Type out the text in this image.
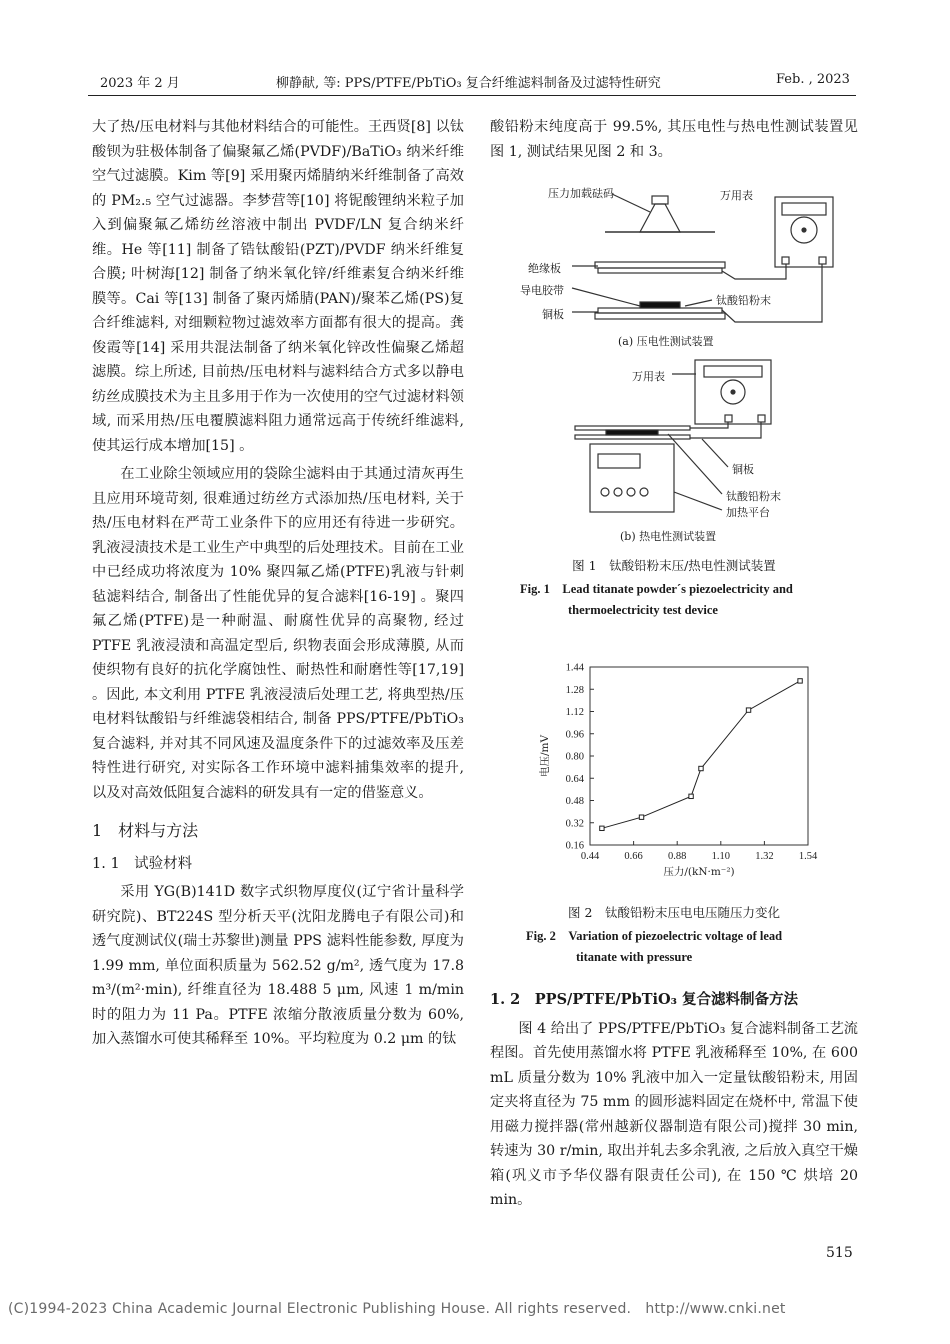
2023 年 2 月	柳静献, 等: PPS/PTFE/PbTiO₃ 复合纤维滤料制备及过滤特性研究	Feb. , 2023

大了热/压电材料与其他材料结合的可能性。王西贤[8] 以钛酸钡为驻极体制备了偏聚氟乙烯(PVDF)/BaTiO₃ 纳米纤维空气过滤膜。Kim 等[9] 采用聚丙烯腈纳米纤维制备了高效的 PM₂.₅ 空气过滤器。李梦营等[10] 将铌酸锂纳米粒子加入到偏聚氟乙烯纺丝溶液中制出 PVDF/LN 复合纳米纤维。He 等[11] 制备了锆钛酸铅(PZT)/PVDF 纳米纤维复合膜; 叶树海[12] 制备了纳米氧化锌/纤维素复合纳米纤维膜等。Cai 等[13] 制备了聚丙烯腈(PAN)/聚苯乙烯(PS)复合纤维滤料, 对细颗粒物过滤效率方面都有很大的提高。龚俊霞等[14] 采用共混法制备了纳米氧化锌改性偏聚乙烯超滤膜。综上所述, 目前热/压电材料与滤料结合方式多以静电纺丝成膜技术为主且多用于作为一次使用的空气过滤材料领域, 而采用热/压电覆膜滤料阻力通常远高于传统纤维滤料, 使其运行成本增加[15] 。

在工业除尘领域应用的袋除尘滤料由于其通过清灰再生且应用环境苛刻, 很难通过纺丝方式添加热/压电材料, 关于热/压电材料在严苛工业条件下的应用还有待进一步研究。乳液浸渍技术是工业生产中典型的后处理技术。目前在工业中已经成功将浓度为 10% 聚四氟乙烯(PTFE)乳液与针刺毡滤料结合, 制备出了性能优异的复合滤料[16-19] 。聚四氟乙烯(PTFE)是一种耐温、耐腐性优异的高聚物, 经过 PTFE 乳液浸渍和高温定型后, 织物表面会形成薄膜, 从而使织物有良好的抗化学腐蚀性、耐热性和耐磨性等[17,19] 。因此, 本文利用 PTFE 乳液浸渍后处理工艺, 将典型热/压电材料钛酸铅与纤维滤袋相结合, 制备 PPS/PTFE/PbTiO₃ 复合滤料, 并对其不同风速及温度条件下的过滤效率及压差特性进行研究, 对实际各工作环境中滤料捕集效率的提升, 以及对高效低阻复合滤料的研发具有一定的借鉴意义。

1　材料与方法
1. 1　试验材料

采用 YG(B)141D 数字式织物厚度仪(辽宁省计量科学研究院)、BT224S 型分析天平(沈阳龙腾电子有限公司)和透气度测试仪(瑞士苏黎世)测量 PPS 滤料性能参数, 厚度为 1.99 mm, 单位面积质量为 562.52 g/m², 透气度为 17.8 m³/(m²·min), 纤维直径为 18.488 5 μm, 风速 1 m/min 时的阻力为 11 Pa。PTFE 浓缩分散液质量分数为 60%, 加入蒸馏水可使其稀释至 10%。平均粒度为 0.2 μm 的钛

酸铅粉末纯度高于 99.5%, 其压电性与热电性测试装置见图 1, 测试结果见图 2 和 3。

压力加载砝码	万用表
绝缘板
导电胶带
钛酸铅粉末
铜板
(a) 压电性测试装置
万用表
铜板
钛酸铅粉末
加热平台
(b) 热电性测试装置
图 1　钛酸铅粉末压/热电性测试装置
Fig. 1　Lead titanate powder´s piezoelectricity and
thermoelectricity test device
0.16
0.32
0.48
0.64
0.80
0.96
1.12
1.28
1.44
0.44 0.66 0.88 1.10 1.32 1.54
压力/(kN·m⁻²)
电压/mV
图 2　钛酸铅粉末压电电压随压力变化
Fig. 2　Variation of piezoelectric voltage of lead
titanate with pressure
1. 2　PPS/PTFE/PbTiO₃ 复合滤料制备方法

图 4 给出了 PPS/PTFE/PbTiO₃ 复合滤料制备工艺流程图。首先使用蒸馏水将 PTFE 乳液稀释至 10%, 在 600 mL 质量分数为 10% 乳液中加入一定量钛酸铅粉末, 用固定夹将直径为 75 mm 的圆形滤料固定在烧杯中, 常温下使用磁力搅拌器(常州越新仪器制造有限公司)搅拌 30 min, 转速为 30 r/min, 取出并轧去多余乳液, 之后放入真空干燥箱(巩义市予华仪器有限责任公司), 在 150 ℃ 烘培 20 min。

515
(C)1994-2023 China Academic Journal Electronic Publishing House. All rights reserved.　http://www.cnki.net
